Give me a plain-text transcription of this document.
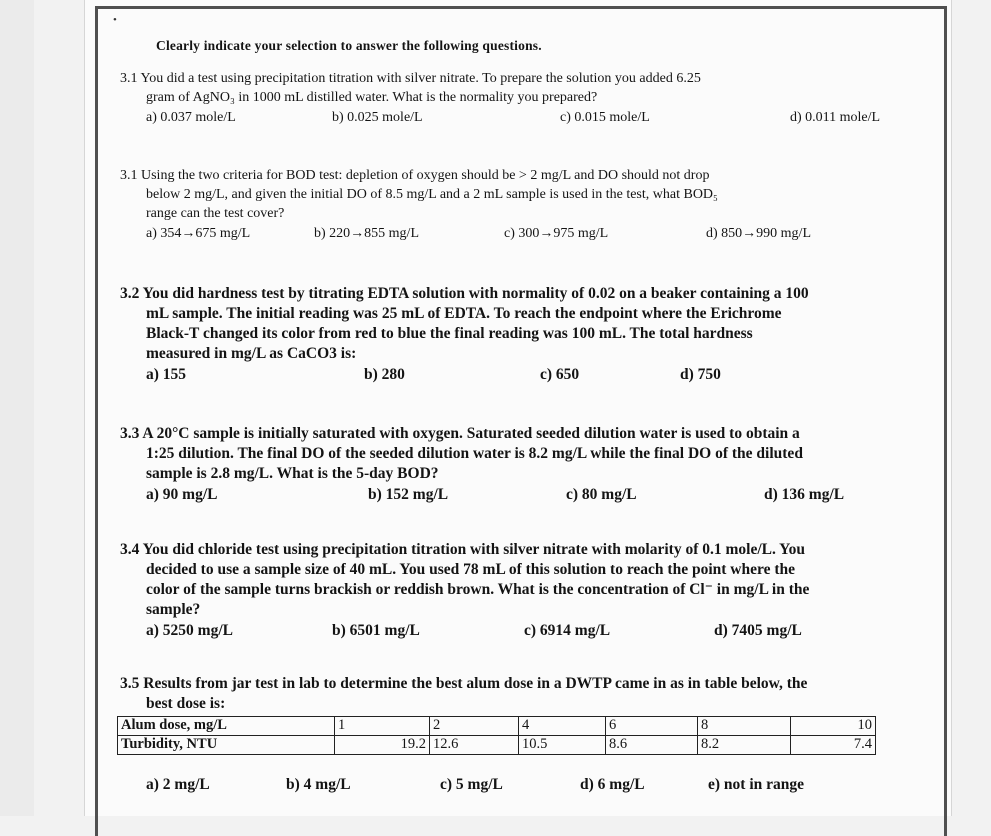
•
Clearly indicate your selection to answer the following questions.
3.1 You did a test using precipitation titration with silver nitrate. To prepare the solution you added 6.25
gram of AgNO₃ in 1000 mL distilled water. What is the normality you prepared?
a) 0.037 mole/L	b) 0.025 mole/L	c) 0.015 mole/L	d) 0.011 mole/L
3.1 Using the two criteria for BOD test: depletion of oxygen should be > 2 mg/L and DO should not drop
below 2 mg/L, and given the initial DO of 8.5 mg/L and a 2 mL sample is used in the test, what BOD₅
range can the test cover?
a) 354→675 mg/L	b) 220→855 mg/L	c) 300→975 mg/L	d) 850→990 mg/L
3.2 You did hardness test by titrating EDTA solution with normality of 0.02 on a beaker containing a 100
mL sample. The initial reading was 25 mL of EDTA. To reach the endpoint where the Erichrome
Black-T changed its color from red to blue the final reading was 100 mL. The total hardness
measured in mg/L as CaCO3 is:
a) 155	b) 280	c) 650	d) 750
3.3 A 20°C sample is initially saturated with oxygen. Saturated seeded dilution water is used to obtain a
1:25 dilution. The final DO of the seeded dilution water is 8.2 mg/L while the final DO of the diluted
sample is 2.8 mg/L. What is the 5-day BOD?
a) 90 mg/L	b) 152 mg/L	c) 80 mg/L	d) 136 mg/L
3.4 You did chloride test using precipitation titration with silver nitrate with molarity of 0.1 mole/L. You
decided to use a sample size of 40 mL. You used 78 mL of this solution to reach the point where the
color of the sample turns brackish or reddish brown. What is the concentration of Cl⁻ in mg/L in the
sample?
a) 5250 mg/L	b) 6501 mg/L	c) 6914 mg/L	d) 7405 mg/L
3.5 Results from jar test in lab to determine the best alum dose in a DWTP came in as in table below, the
best dose is:
Alum dose, mg/L	1	2	4	6	8	10
Turbidity, NTU	19.2	12.6	10.5	8.6	8.2	7.4
a) 2 mg/L	b) 4 mg/L	c) 5 mg/L	d) 6 mg/L	e) not in range
